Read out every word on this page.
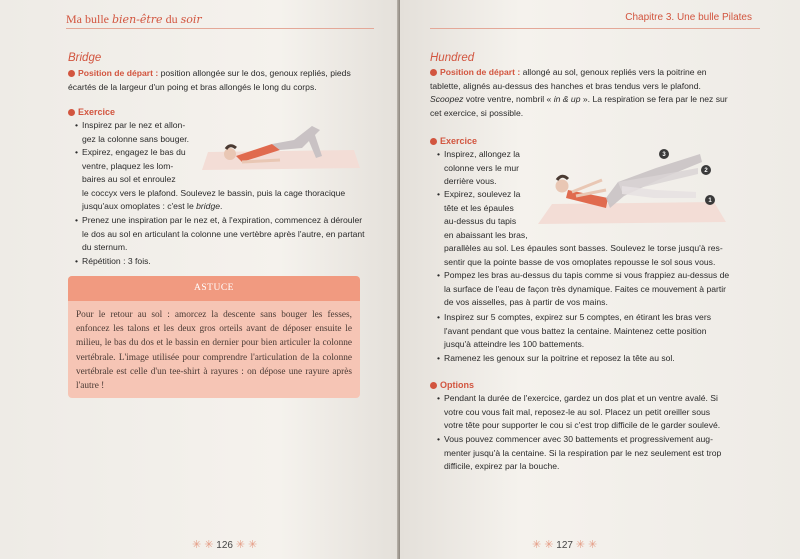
Ma bulle bien-être du soir
Bridge
Position de départ : position allongée sur le dos, genoux repliés, pieds
écartés de la largeur d'un poing et bras allongés le long du corps.
Exercice
• Inspirez par le nez et allon-
gez la colonne sans bouger.
• Expirez, engagez le bas du
ventre, plaquez les lom-
baires au sol et enroulez
le coccyx vers le plafond. Soulevez le bassin, puis la cage thoracique
jusqu'aux omoplates : c'est le bridge.
• Prenez une inspiration par le nez et, à l'expiration, commencez à dérouler
le dos au sol en articulant la colonne une vertèbre après l'autre, en partant
du sternum.
• Répétition : 3 fois.
ASTUCE
Pour le retour au sol : amorcez la descente sans bouger les fesses, enfoncez les talons et les deux gros orteils avant de déposer ensuite le milieu, le bas du dos et le bassin en dernier pour bien articuler la colonne vertébrale. L'image utilisée pour comprendre l'articulation de la colonne vertébrale est celle d'un tee-shirt à rayures : on dépose une rayure après l'autre !
✳ ✳ 126 ✳ ✳
Chapitre 3. Une bulle Pilates
Hundred
Position de départ : allongé au sol, genoux repliés vers la poitrine en
tablette, alignés au-dessus des hanches et bras tendus vers le plafond.
Scoopez votre ventre, nombril « in & up ». La respiration se fera par le nez sur
cet exercice, si possible.
Exercice
• Inspirez, allongez la
colonne vers le mur
derrière vous.
• Expirez, soulevez la
tête et les épaules
au-dessus du tapis
en abaissant les bras,
parallèles au sol. Les épaules sont basses. Soulevez le torse jusqu'à res-
sentir que la pointe basse de vos omoplates repousse le sol sous vous.
• Pompez les bras au-dessus du tapis comme si vous frappiez au-dessus de
la surface de l'eau de façon très dynamique. Faites ce mouvement à partir
de vos aisselles, pas à partir de vos mains.
• Inspirez sur 5 comptes, expirez sur 5 comptes, en étirant les bras vers
l'avant pendant que vous battez la centaine. Maintenez cette position
jusqu'à atteindre les 100 battements.
• Ramenez les genoux sur la poitrine et reposez la tête au sol.
Options
• Pendant la durée de l'exercice, gardez un dos plat et un ventre avalé. Si
votre cou vous fait mal, reposez-le au sol. Placez un petit oreiller sous
votre tête pour supporter le cou si c'est trop difficile de le garder soulevé.
• Vous pouvez commencer avec 30 battements et progressivement aug-
menter jusqu'à la centaine. Si la respiration par le nez seulement est trop
difficile, expirez par la bouche.
1
2
3
✳ ✳ 127 ✳ ✳
